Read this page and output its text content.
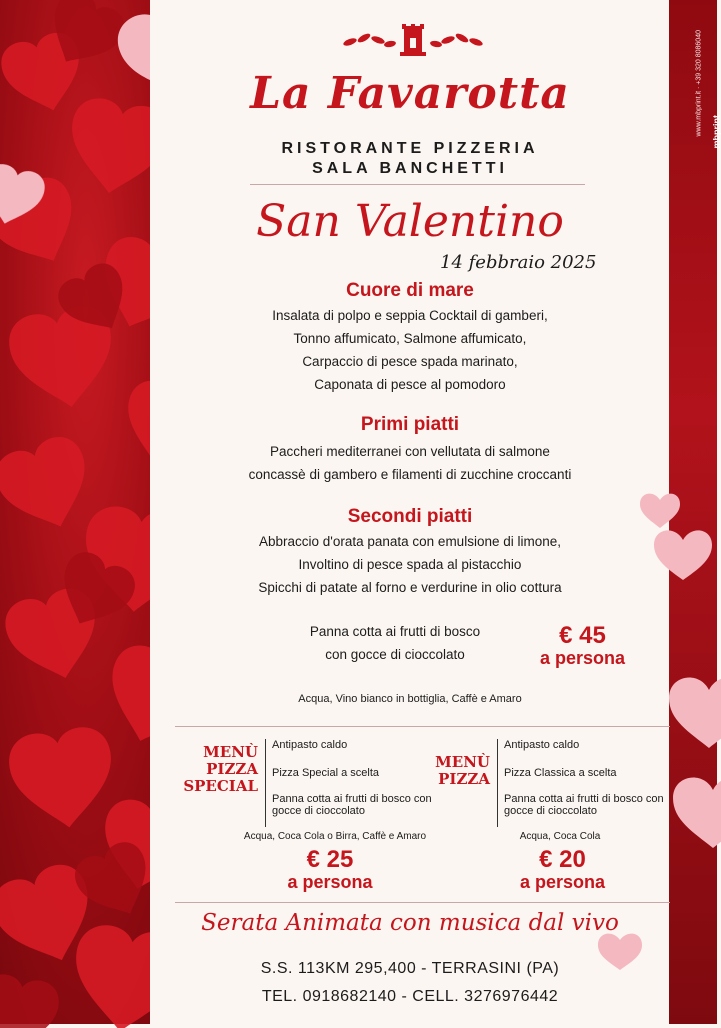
www.mbprint.it · +39 320 8086040
mbprint
La Favarotta
RISTORANTE PIZZERIA
SALA BANCHETTI
San Valentino
14 febbraio 2025
Cuore di mare
Insalata di polpo e seppia Cocktail di gamberi,
Tonno affumicato, Salmone affumicato,
Carpaccio di pesce spada marinato,
Caponata di pesce al pomodoro
Primi piatti
Paccheri mediterranei con vellutata di salmone
concassè di gambero e filamenti di zucchine croccanti
Secondi piatti
Abbraccio d'orata panata con emulsione di limone,
Involtino di pesce spada al pistacchio
Spicchi di patate al forno e verdurine in olio cottura
Panna cotta ai frutti di bosco
con gocce di cioccolato
€ 45
a persona
Acqua, Vino bianco in bottiglia, Caffè e Amaro
MENÙ
PIZZA
SPECIAL
Antipasto caldo
Pizza Special a scelta
Panna cotta ai frutti di bosco con gocce di cioccolato
Acqua, Coca Cola o Birra, Caffè e Amaro
€ 25
a persona
MENÙ
PIZZA
Antipasto caldo
Pizza Classica a scelta
Panna cotta ai frutti di bosco con gocce di cioccolato
Acqua, Coca Cola
€ 20
a persona
Serata Animata con musica dal vivo
S.S. 113KM 295,400 - TERRASINI (PA)
TEL. 0918682140 - CELL. 3276976442
